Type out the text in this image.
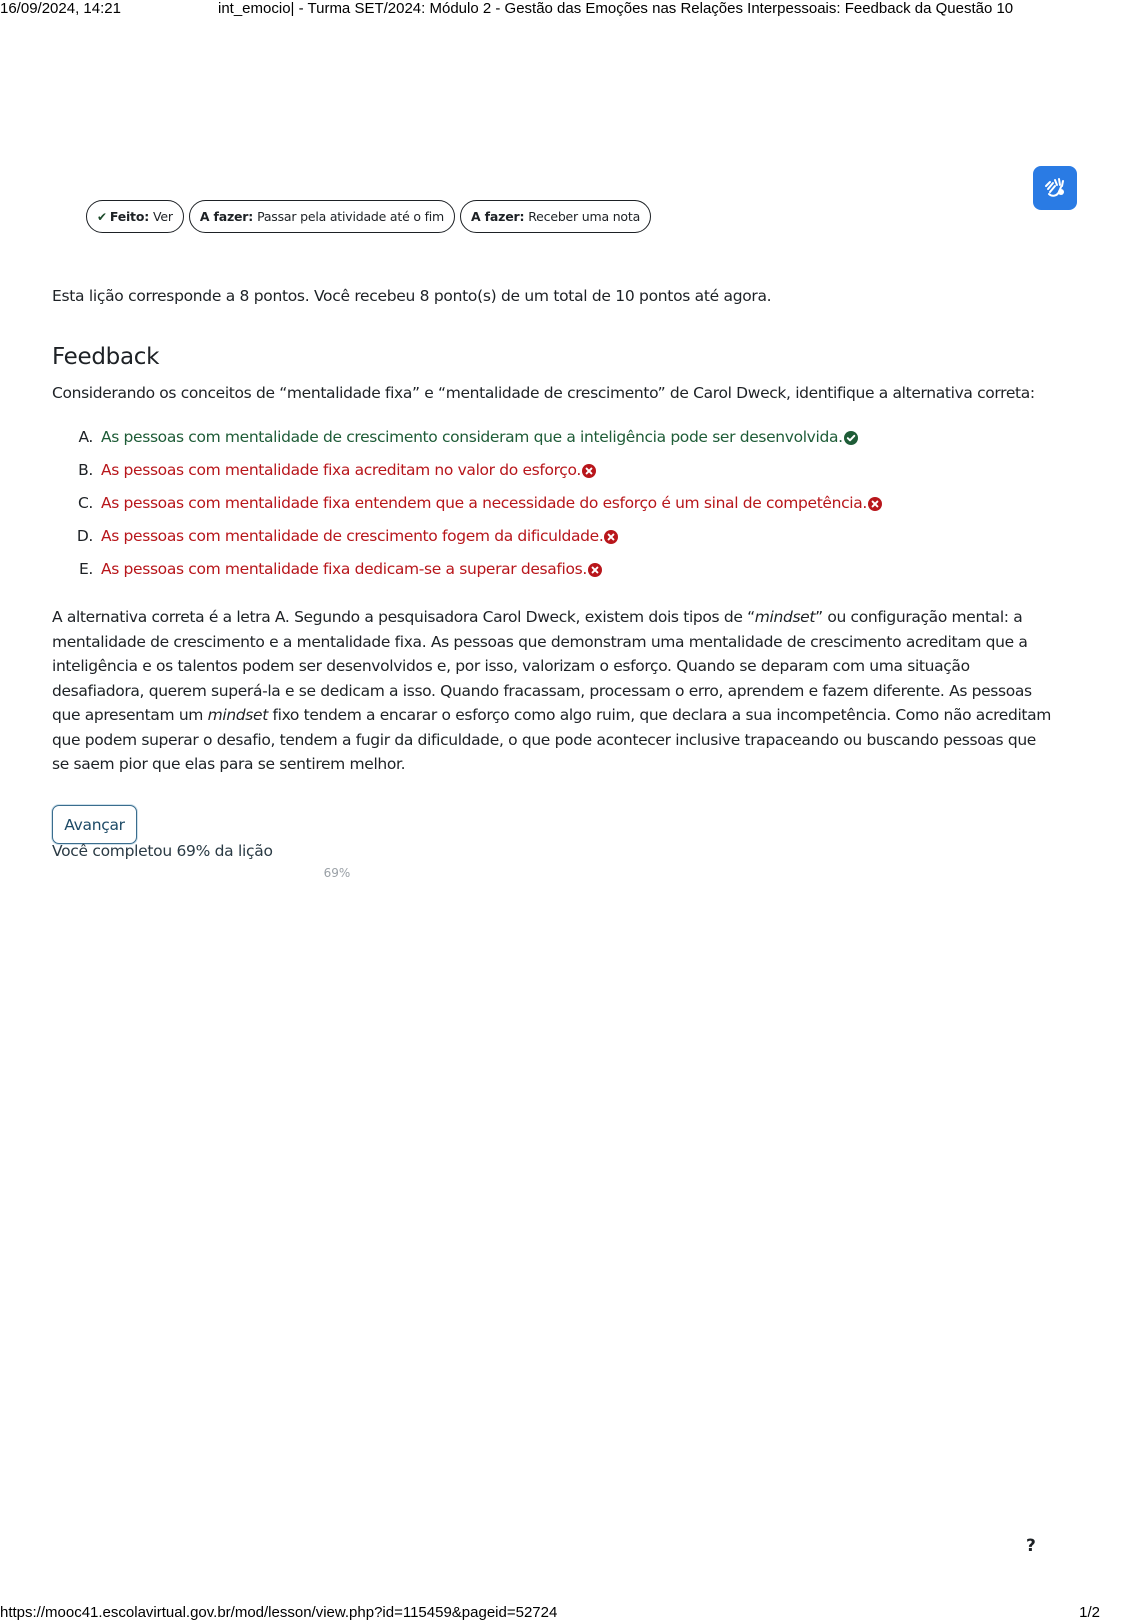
16/09/2024, 14:21	int_emocio| - Turma SET/2024: Módulo 2 - Gestão das Emoções nas Relações Interpessoais: Feedback da Questão 10
✔ Feito: Ver A fazer: Passar pela atividade até o fim A fazer: Receber uma nota
Esta lição corresponde a 8 pontos. Você recebeu 8 ponto(s) de um total de 10 pontos até agora.
Feedback
Considerando os conceitos de “mentalidade fixa” e “mentalidade de crescimento” de Carol Dweck, identifique a alternativa correta:
A. As pessoas com mentalidade de crescimento consideram que a inteligência pode ser desenvolvida.
B. As pessoas com mentalidade fixa acreditam no valor do esforço.
C. As pessoas com mentalidade fixa entendem que a necessidade do esforço é um sinal de competência.
D. As pessoas com mentalidade de crescimento fogem da dificuldade.
E. As pessoas com mentalidade fixa dedicam-se a superar desafios.

A alternativa correta é a letra A. Segundo a pesquisadora Carol Dweck, existem dois tipos de “mindset” ou configuração mental: a mentalidade de crescimento e a mentalidade fixa. As pessoas que demonstram uma mentalidade de crescimento acreditam que a inteligência e os talentos podem ser desenvolvidos e, por isso, valorizam o esforço. Quando se deparam com uma situação desafiadora, querem superá-la e se dedicam a isso. Quando fracassam, processam o erro, aprendem e fazem diferente. As pessoas que apresentam um mindset fixo tendem a encarar o esforço como algo ruim, que declara a sua incompetência. Como não acreditam que podem superar o desafio, tendem a fugir da dificuldade, o que pode acontecer inclusive trapaceando ou buscando pessoas que se saem pior que elas para se sentirem melhor.

Avançar
Você completou 69% da lição
69%
?
https://mooc41.escolavirtual.gov.br/mod/lesson/view.php?id=115459&pageid=52724	1/2
